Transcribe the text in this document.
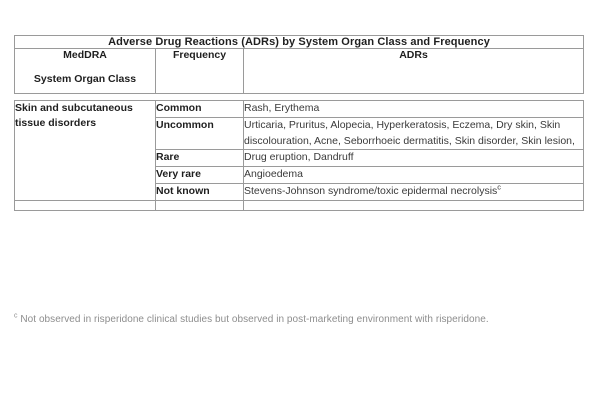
Adverse Drug Reactions (ADRs) by System Organ Class and Frequency
MedDRA
System Organ Class
	Frequency	ADRs
Skin and subcutaneous tissue disorders	Common	Rash, Erythema
	Uncommon	Urticaria, Pruritus, Alopecia, Hyperkeratosis, Eczema, Dry skin, Skin discolouration, Acne, Seborrhoeic dermatitis, Skin disorder, Skin lesion,
	Rare	Drug eruption, Dandruff
	Very rare	Angioedema
	Not known	Stevens-Johnson syndrome/toxic epidermal necrolysis$^c$

$^c$ Not observed in risperidone clinical studies but observed in post-marketing environment with risperidone.
